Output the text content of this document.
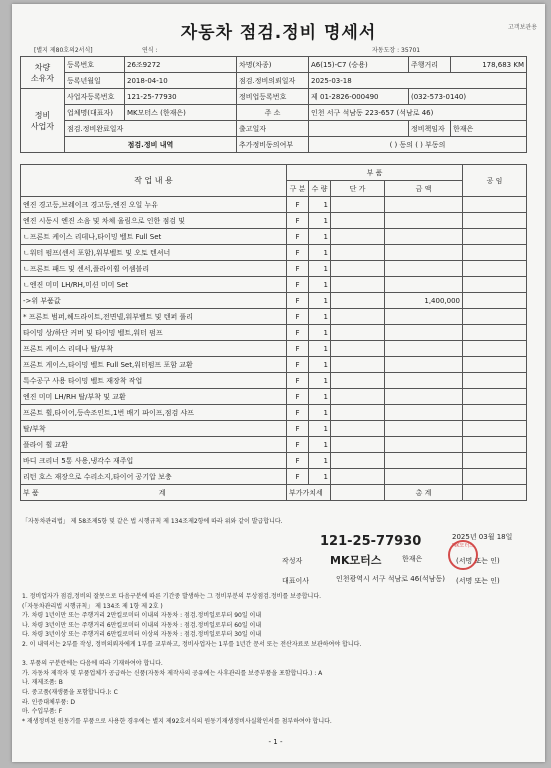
고객보관용
자동차 점검.정비 명세서
[별지 제80호의2서식]	연식 :	자동도장 : 35701
차량
소유자	등록번호	26조9272	차명(차종)	A6(15)-C7 (승용)	주행거리	178,683 KM
	등록년월일	2018-04-10	점검.정비의뢰일자	2025-03-18		
정비
사업자	사업자등록번호	121-25-77930	정비업등록번호	제 01-2826-000490	(032-573-0140)	
	업체명(대표자)	MK모터스 (한재은)	주 소	인천 서구 석남동 223-657 (석남로 46)		
	점검.정비완료일자		출고일자		정비책임자	한재은
	점검.정비 내역		추가정비동의여부	( ) 동의 ( ) 부동의		
작 업 내 용	부 품				공 임
	구 분	수 량	단 가	금 액	
엔진 경고등,브레이크 경고등,엔진 오일 누유	F	1			
엔진 시동시 엔진 소음 및 차체 울림으로 인한 점검 및	F	1			
ㄴ프론트 케이스 리데나,타이밍 벨트 Full Set	F	1			
ㄴ워터 펌프(센서 포함),워부벨트 및 오토 텐셔너	F	1			
ㄴ프론트 패드 및 센서,플라이휠 어셈블리	F	1			
ㄴ엔진 미미 LH/RH,미션 미미 Set	F	1			
->위 부품값	F	1		1,400,000	
* 프론트 범퍼,헤드라이트,전면넬,워부벨트 및 텐퍼 풀리	F	1			
타이밍 상/하단 커버 및 타이밍 벨트,워터 펌프	F	1			
프론트 케이스 리데나 탈/부착	F	1			
프론트 게이스,타이밍 벨트 Full Set,워터펌프 포함 교환	F	1			
특수공구 사용 타이밍 벨트 재장착 작업	F	1			
엔진 미미 LH/RH 탈/부착 및 교환	F	1			
프론트 휠,타이어,등속조인트,1번 배기 파이프,점검 샤프	F	1			
탈/부착	F	1			
플라이 휠 교환	F	1			
바디 크리너 5통 사용,냉각수 재주입	F	1			
리턴 호스 재장으로 수리소지,타이어 공기압 보충	F	1			
부 품 계	부가가치세			총 계	
「자동차관리법」 제 58조제5항 및 같은 법 시행규칙 제 134조제2항에 따라 위와 같이 발급합니다.
2025년 03월 18일
121-25-77930
작성자	MK모터스	한재은	(서명 또는 인)
대표이사	인천광역시 서구 석남로 46(석남동) (서명 또는 인)
MK모터스
1. 정비업자가 점검,정비의 잘못으로 다음구분에 따른 기간중 발생하는 그 정비부분의 무상점검.정비를 보증합니다.
(「자동차관리법 시행규칙」 제 134조 제 1항 제 2호 )
가. 차령 1년이만 또는 주행거리 2만킬로미터 이내의 자동차 : 점검.정비일로부터 90일 이내
나. 차령 3년이만 또는 주행거리 6만킬로미터 이내의 자동차 : 점검.정비일로부터 60일 이내
다. 차령 3년이상 또는 주행거리 6만킬로미터 이상의 자동차 : 점검.정비일로부터 30일 이내
2. 이 내역서는 2부를 작성, 정비의뢰자에게 1부를 교부하고, 정비사업자는 1부를 1년간 문서 또는 전산자료로 보관하여야 합니다.

3. 부품의 구분란에는 다음에 따라 기재하여야 합니다.
가. 자동차 제작자 및 부품업체가 공급하는 신품(자동차 제작사의 공유에는 사후관리를 보증부품을 포함합니다.) : A
나. 재제조품: B
다. 중고품(재생품을 포함합니다.): C
라. 인증대체부품: D
마. 수입부품: F
* 재생정비된 원동기를 부품으로 사용한 경우에는 별지 제92호서식의 원동기재생정비사실확인서를 첨부하여야 합니다.
- 1 -
